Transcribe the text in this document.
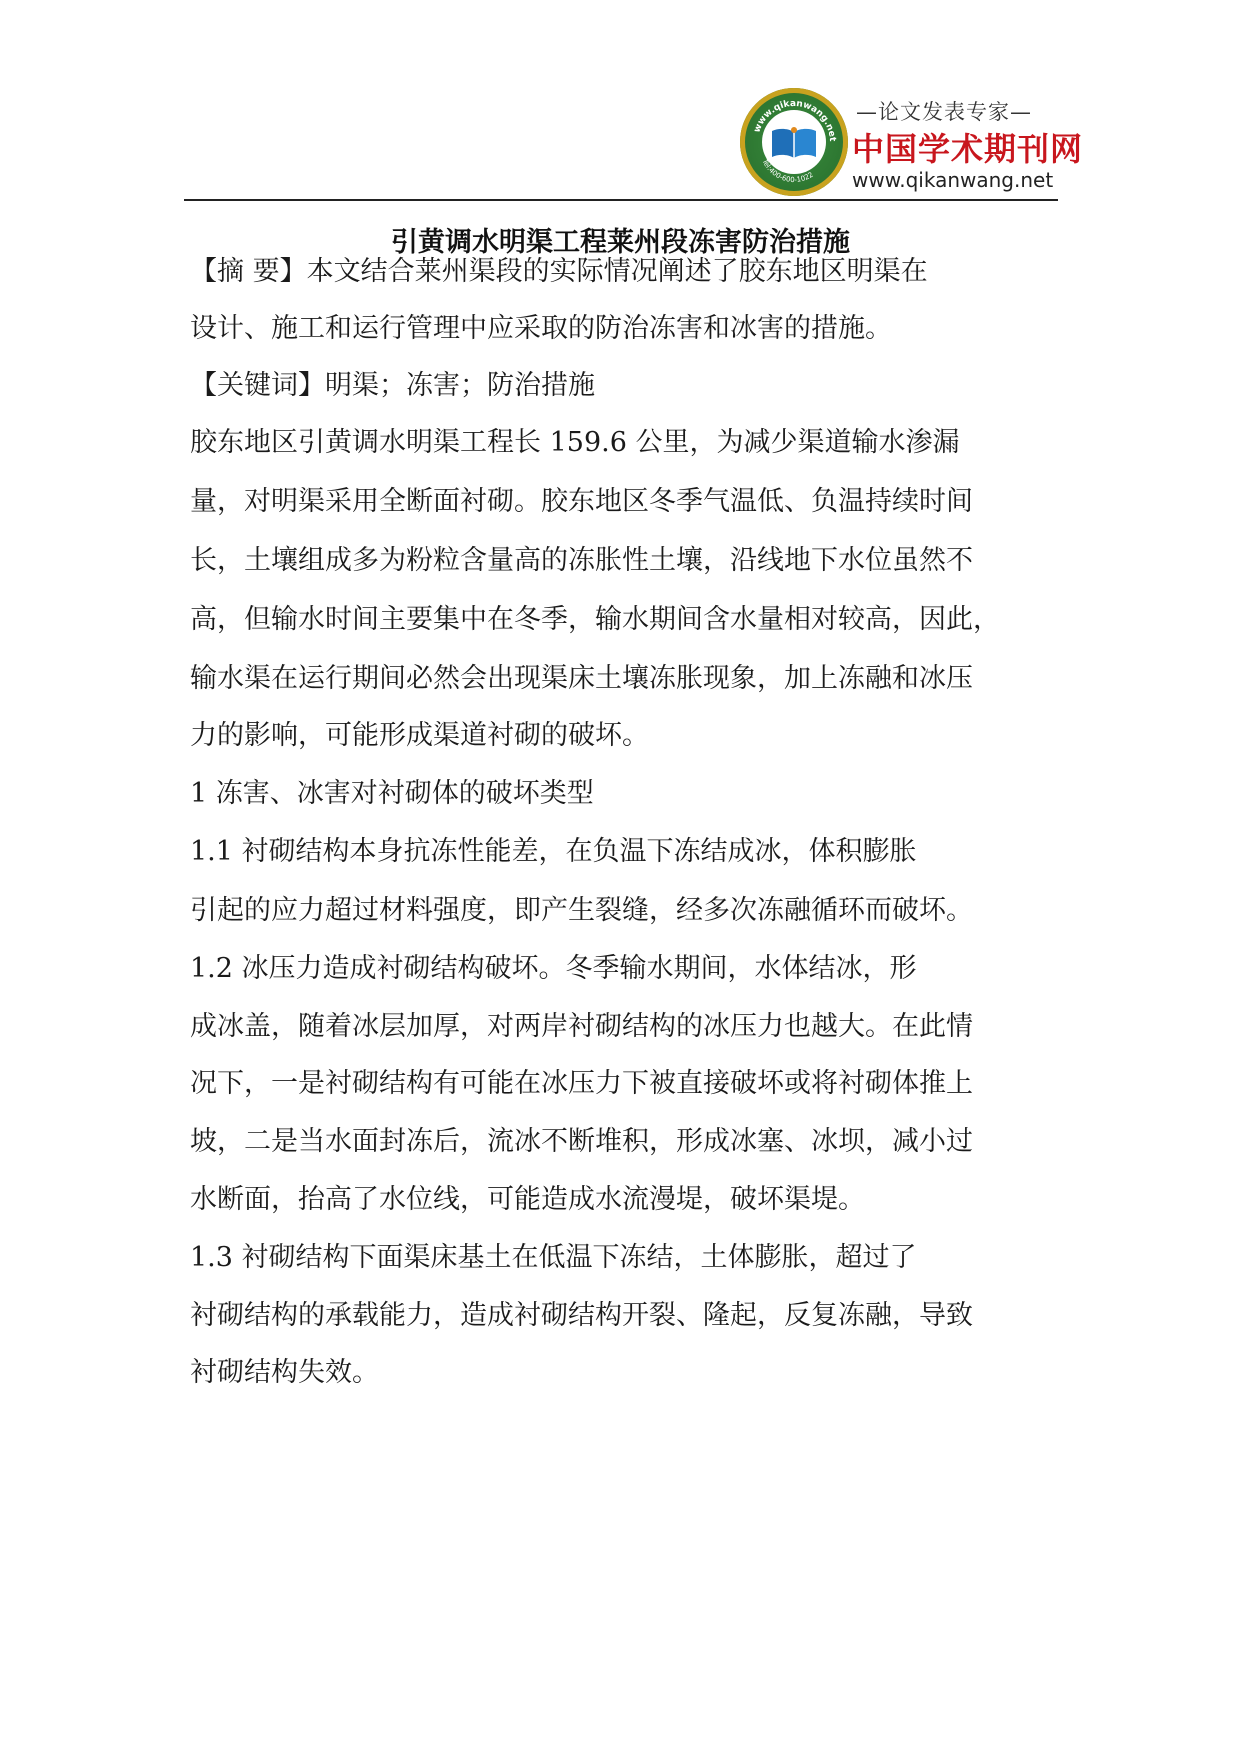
www.qikanwang.net
Tel:400-600-1022
—论文发表专家—
中国学术期刊网
www.qikanwang.net
引黄调水明渠工程莱州段冻害防治措施
【摘 要】本文结合莱州渠段的实际情况阐述了胶东地区明渠在
设计、施工和运行管理中应采取的防治冻害和冰害的措施。
【关键词】明渠；冻害；防治措施
胶东地区引黄调水明渠工程长 159.6 公里，为减少渠道输水渗漏
量，对明渠采用全断面衬砌。胶东地区冬季气温低、负温持续时间
长，土壤组成多为粉粒含量高的冻胀性土壤，沿线地下水位虽然不
高，但输水时间主要集中在冬季，输水期间含水量相对较高，因此，
输水渠在运行期间必然会出现渠床土壤冻胀现象，加上冻融和冰压
力的影响，可能形成渠道衬砌的破坏。
1 冻害、冰害对衬砌体的破坏类型
1.1 衬砌结构本身抗冻性能差，在负温下冻结成冰，体积膨胀
引起的应力超过材料强度，即产生裂缝，经多次冻融循环而破坏。
1.2 冰压力造成衬砌结构破坏。冬季输水期间，水体结冰，形
成冰盖，随着冰层加厚，对两岸衬砌结构的冰压力也越大。在此情
况下，一是衬砌结构有可能在冰压力下被直接破坏或将衬砌体推上
坡，二是当水面封冻后，流冰不断堆积，形成冰塞、冰坝，减小过
水断面，抬高了水位线，可能造成水流漫堤，破坏渠堤。
1.3 衬砌结构下面渠床基土在低温下冻结，土体膨胀，超过了
衬砌结构的承载能力，造成衬砌结构开裂、隆起，反复冻融，导致
衬砌结构失效。
